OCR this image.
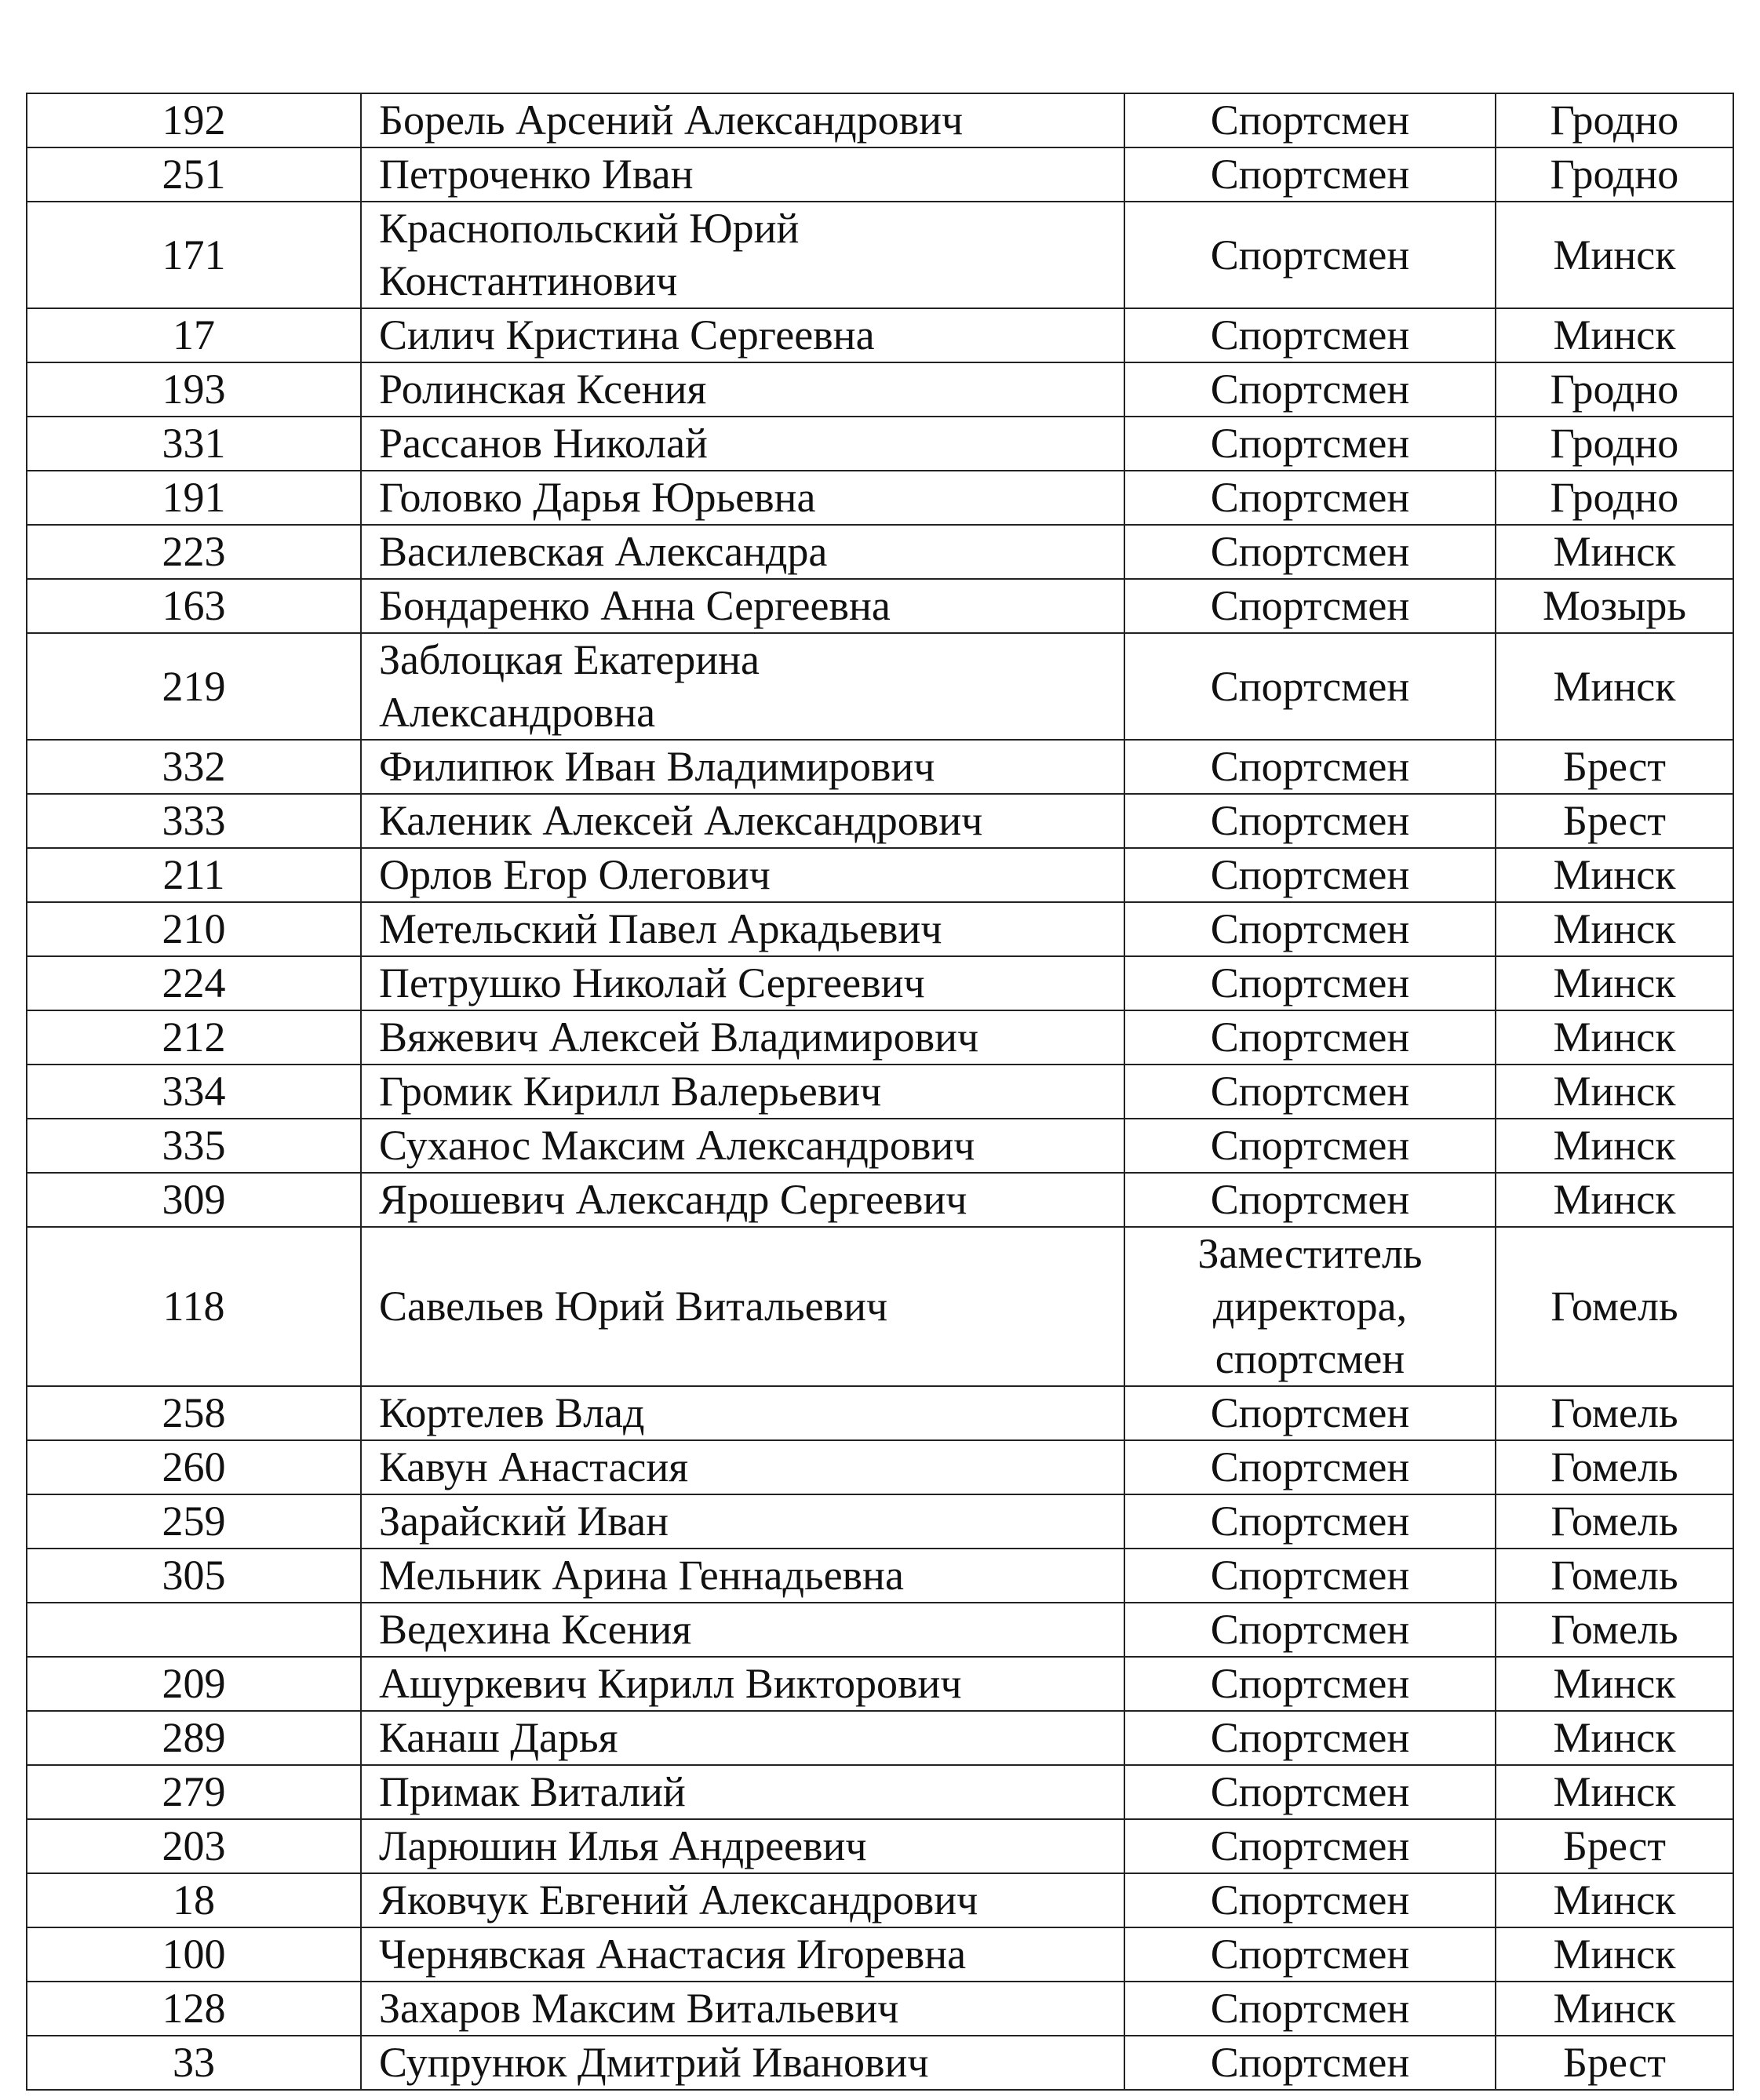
192	Борель Арсений Александрович	Спортсмен	Гродно
251	Петроченко Иван	Спортсмен	Гродно
171	Краснопольский Юрий
Константинович	Спортсмен	Минск
17	Силич Кристина Сергеевна	Спортсмен	Минск
193	Ролинская Ксения	Спортсмен	Гродно
331	Рассанов Николай	Спортсмен	Гродно
191	Головко Дарья Юрьевна	Спортсмен	Гродно
223	Василевская Александра	Спортсмен	Минск
163	Бондаренко Анна Сергеевна	Спортсмен	Мозырь
219	Заблоцкая Екатерина
Александровна	Спортсмен	Минск
332	Филипюк Иван Владимирович	Спортсмен	Брест
333	Каленик Алексей Александрович	Спортсмен	Брест
211	Орлов Егор Олегович	Спортсмен	Минск
210	Метельский Павел Аркадьевич	Спортсмен	Минск
224	Петрушко Николай Сергеевич	Спортсмен	Минск
212	Вяжевич Алексей Владимирович	Спортсмен	Минск
334	Громик Кирилл Валерьевич	Спортсмен	Минск
335	Суханос Максим Александрович	Спортсмен	Минск
309	Ярошевич Александр Сергеевич	Спортсмен	Минск
118	Савельев Юрий Витальевич	Заместитель
директора,
спортсмен	Гомель
258	Кортелев Влад	Спортсмен	Гомель
260	Кавун Анастасия	Спортсмен	Гомель
259	Зарайский Иван	Спортсмен	Гомель
305	Мельник Арина Геннадьевна	Спортсмен	Гомель
	Ведехина Ксения	Спортсмен	Гомель
209	Ашуркевич Кирилл Викторович	Спортсмен	Минск
289	Канаш Дарья	Спортсмен	Минск
279	Примак Виталий	Спортсмен	Минск
203	Ларюшин Илья Андреевич	Спортсмен	Брест
18	Яковчук Евгений Александрович	Спортсмен	Минск
100	Чернявская Анастасия Игоревна	Спортсмен	Минск
128	Захаров Максим Витальевич	Спортсмен	Минск
33	Супрунюк Дмитрий Иванович	Спортсмен	Брест
